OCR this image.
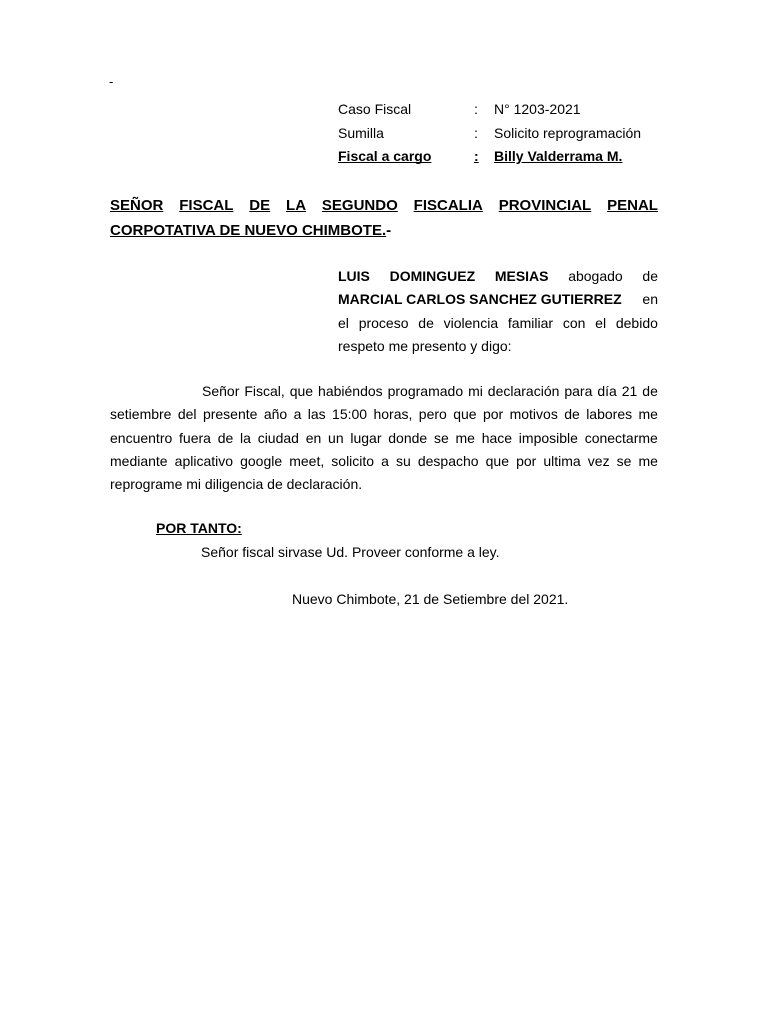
-
Caso Fiscal	:	N° 1203-2021
Sumilla	:	Solicito reprogramación
Fiscal a cargo	:	Billy Valderrama M.
SEÑOR FISCAL DE LA SEGUNDO FISCALIA PROVINCIAL PENAL
CORPOTATIVA DE NUEVO CHIMBOTE.-
LUIS DOMINGUEZ MESIAS abogado de
MARCIAL CARLOS SANCHEZ GUTIERREZ en
el proceso de violencia familiar con el debido
respeto me presento y digo:
Señor Fiscal, que habiéndos programado mi declaración para día 21 de
setiembre del presente año a las 15:00 horas, pero que por motivos de labores me
encuentro fuera de la ciudad en un lugar donde se me hace imposible conectarme
mediante aplicativo google meet, solicito a su despacho que por ultima vez se me
reprograme mi diligencia de declaración.
POR TANTO:
Señor fiscal sirvase Ud. Proveer conforme a ley.
Nuevo Chimbote, 21 de Setiembre del 2021.
